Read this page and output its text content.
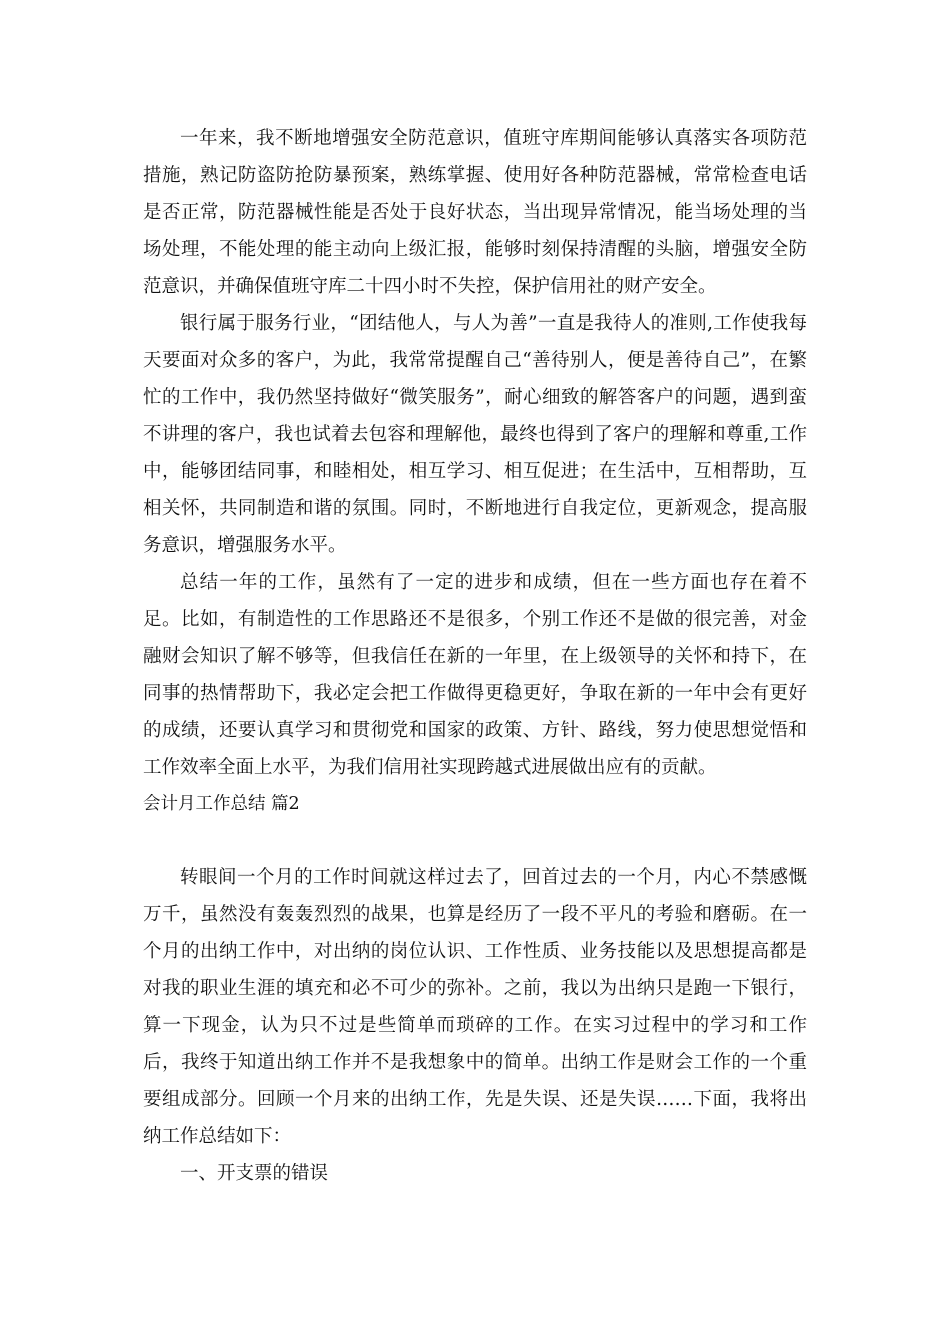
一年来，我不断地增强安全防范意识，值班守库期间能够认真落实各项防范措施，熟记防盗防抢防暴预案，熟练掌握、使用好各种防范器械，常常检查电话是否正常，防范器械性能是否处于良好状态，当出现异常情况，能当场处理的当场处理，不能处理的能主动向上级汇报，能够时刻保持清醒的头脑，增强安全防范意识，并确保值班守库二十四小时不失控，保护信用社的财产安全。

银行属于服务行业，“团结他人，与人为善”一直是我待人的准则,工作使我每天要面对众多的客户，为此，我常常提醒自己“善待别人，便是善待自己”，在繁忙的工作中，我仍然坚持做好“微笑服务”，耐心细致的解答客户的问题，遇到蛮不讲理的客户，我也试着去包容和理解他，最终也得到了客户的理解和尊重,工作中，能够团结同事，和睦相处，相互学习、相互促进；在生活中，互相帮助，互相关怀，共同制造和谐的氛围。同时，不断地进行自我定位，更新观念，提高服务意识，增强服务水平。

总结一年的工作，虽然有了一定的进步和成绩，但在一些方面也存在着不足。比如，有制造性的工作思路还不是很多，个别工作还不是做的很完善，对金融财会知识了解不够等，但我信任在新的一年里，在上级领导的关怀和持下，在同事的热情帮助下，我必定会把工作做得更稳更好，争取在新的一年中会有更好的成绩，还要认真学习和贯彻党和国家的政策、方针、路线，努力使思想觉悟和工作效率全面上水平，为我们信用社实现跨越式进展做出应有的贡献。

会计月工作总结 篇2

转眼间一个月的工作时间就这样过去了，回首过去的一个月，内心不禁感慨万千，虽然没有轰轰烈烈的战果，也算是经历了一段不平凡的考验和磨砺。在一个月的出纳工作中，对出纳的岗位认识、工作性质、业务技能以及思想提高都是对我的职业生涯的填充和必不可少的弥补。之前，我以为出纳只是跑一下银行，算一下现金，认为只不过是些简单而琐碎的工作。在实习过程中的学习和工作后，我终于知道出纳工作并不是我想象中的简单。出纳工作是财会工作的一个重要组成部分。回顾一个月来的出纳工作，先是失误、还是失误……下面，我将出纳工作总结如下：

一、开支票的错误
